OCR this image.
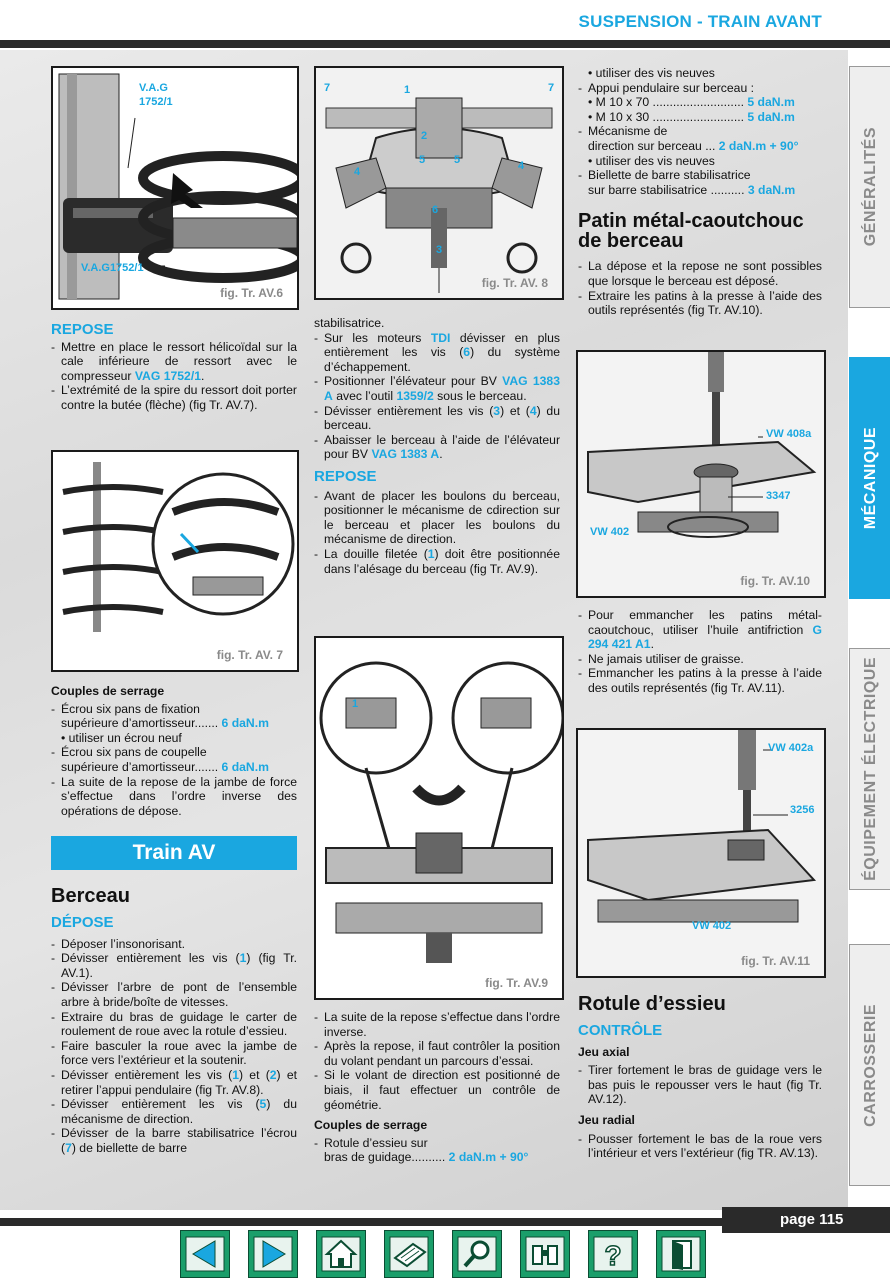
SUSPENSION - TRAIN AVANT
V.A.G
1752/1
V.A.G1752/1
fig. Tr. AV.6
REPOSE
- Mettre en place le ressort hélicoïdal sur la cale inférieure de ressort avec le compresseur VAG 1752/1.
- L’extrémité de la spire du ressort doit porter contre la butée (flèche) (fig Tr. AV.7).
fig. Tr. AV. 7
Couples de serrage
- Écrou six pans de fixation
supérieure d’amortisseur....... 6 daN.m
• utiliser un écrou neuf
- Écrou six pans de coupelle
supérieure d’amortisseur....... 6 daN.m
- La suite de la repose de la jambe de force s’effectue dans l’ordre inverse des opérations de dépose.
Train AV
Berceau
DÉPOSE
- Déposer l’insonorisant.
- Dévisser entièrement les vis (1) (fig Tr. AV.1).
- Dévisser l’arbre de pont de l’ensemble arbre à bride/boîte de vitesses.
- Extraire du bras de guidage le carter de roulement de roue avec la rotule d’essieu.
- Faire basculer la roue avec la jambe de force vers l’extérieur et la soutenir.
- Dévisser entièrement les vis (1) et (2) et retirer l’appui pendulaire (fig Tr. AV.8).
- Dévisser entièrement les vis (5) du mécanisme de direction.
- Dévisser de la barre stabilisatrice l’écrou (7) de biellette de barre
7	1	7
2
5	5
4	4
6
3
fig. Tr. AV. 8
stabilisatrice.
- Sur les moteurs TDI dévisser en plus entièrement les vis (6) du système d’échappement.
- Positionner l’élévateur pour BV VAG 1383 A avec l’outil 1359/2 sous le berceau.
- Dévisser entièrement les vis (3) et (4) du berceau.
- Abaisser le berceau à l’aide de l’élévateur pour BV VAG 1383 A.
REPOSE
- Avant de placer les boulons du berceau, positionner le mécanisme de cdirection sur le berceau et placer les boulons du mécanisme de direction.
- La douille filetée (1) doit être positionnée dans l’alésage du berceau (fig Tr. AV.9).
1
fig. Tr. AV.9
- La suite de la repose s’effectue dans l’ordre inverse.
- Après la repose, il faut contrôler la position du volant pendant un parcours d’essai.
- Si le volant de direction est positionné de biais, il faut effectuer un contrôle de géométrie.
Couples de serrage
- Rotule d’essieu sur
bras de guidage.......... 2 daN.m + 90°
• utiliser des vis neuves
- Appui pendulaire sur berceau :
• M 10 x 70 ........................... 5 daN.m
• M 10 x 30 ........................... 5 daN.m
- Mécanisme de
direction sur berceau ... 2 daN.m + 90°
• utiliser des vis neuves
- Biellette de barre stabilisatrice
sur barre stabilisatrice .......... 3 daN.m
Patin métal-caoutchouc de berceau
- La dépose et la repose ne sont possibles que lorsque le berceau est déposé.
- Extraire les patins à la presse à l’aide des outils représentés (fig Tr. AV.10).
VW 408a
3347
VW 402
fig. Tr. AV.10
- Pour emmancher les patins métal-caoutchouc, utiliser l’huile antifriction G 294 421 A1.
- Ne jamais utiliser de graisse.
- Emmancher les patins à la presse à l’aide des outils représentés (fig Tr. AV.11).
VW 402a
3256
VW 402
fig. Tr. AV.11
Rotule d’essieu
CONTRÔLE
Jeu axial
- Tirer fortement le bras de guidage vers le bas puis le repousser vers le haut (fig Tr. AV.12).
Jeu radial
- Pousser fortement le bas de la roue vers l’intérieur et vers l’extérieur (fig TR. AV.13).
GÉNÉRALITÉS
MÉCANIQUE
ÉQUIPEMENT ÉLECTRIQUE
CARROSSERIE
page 115
?
